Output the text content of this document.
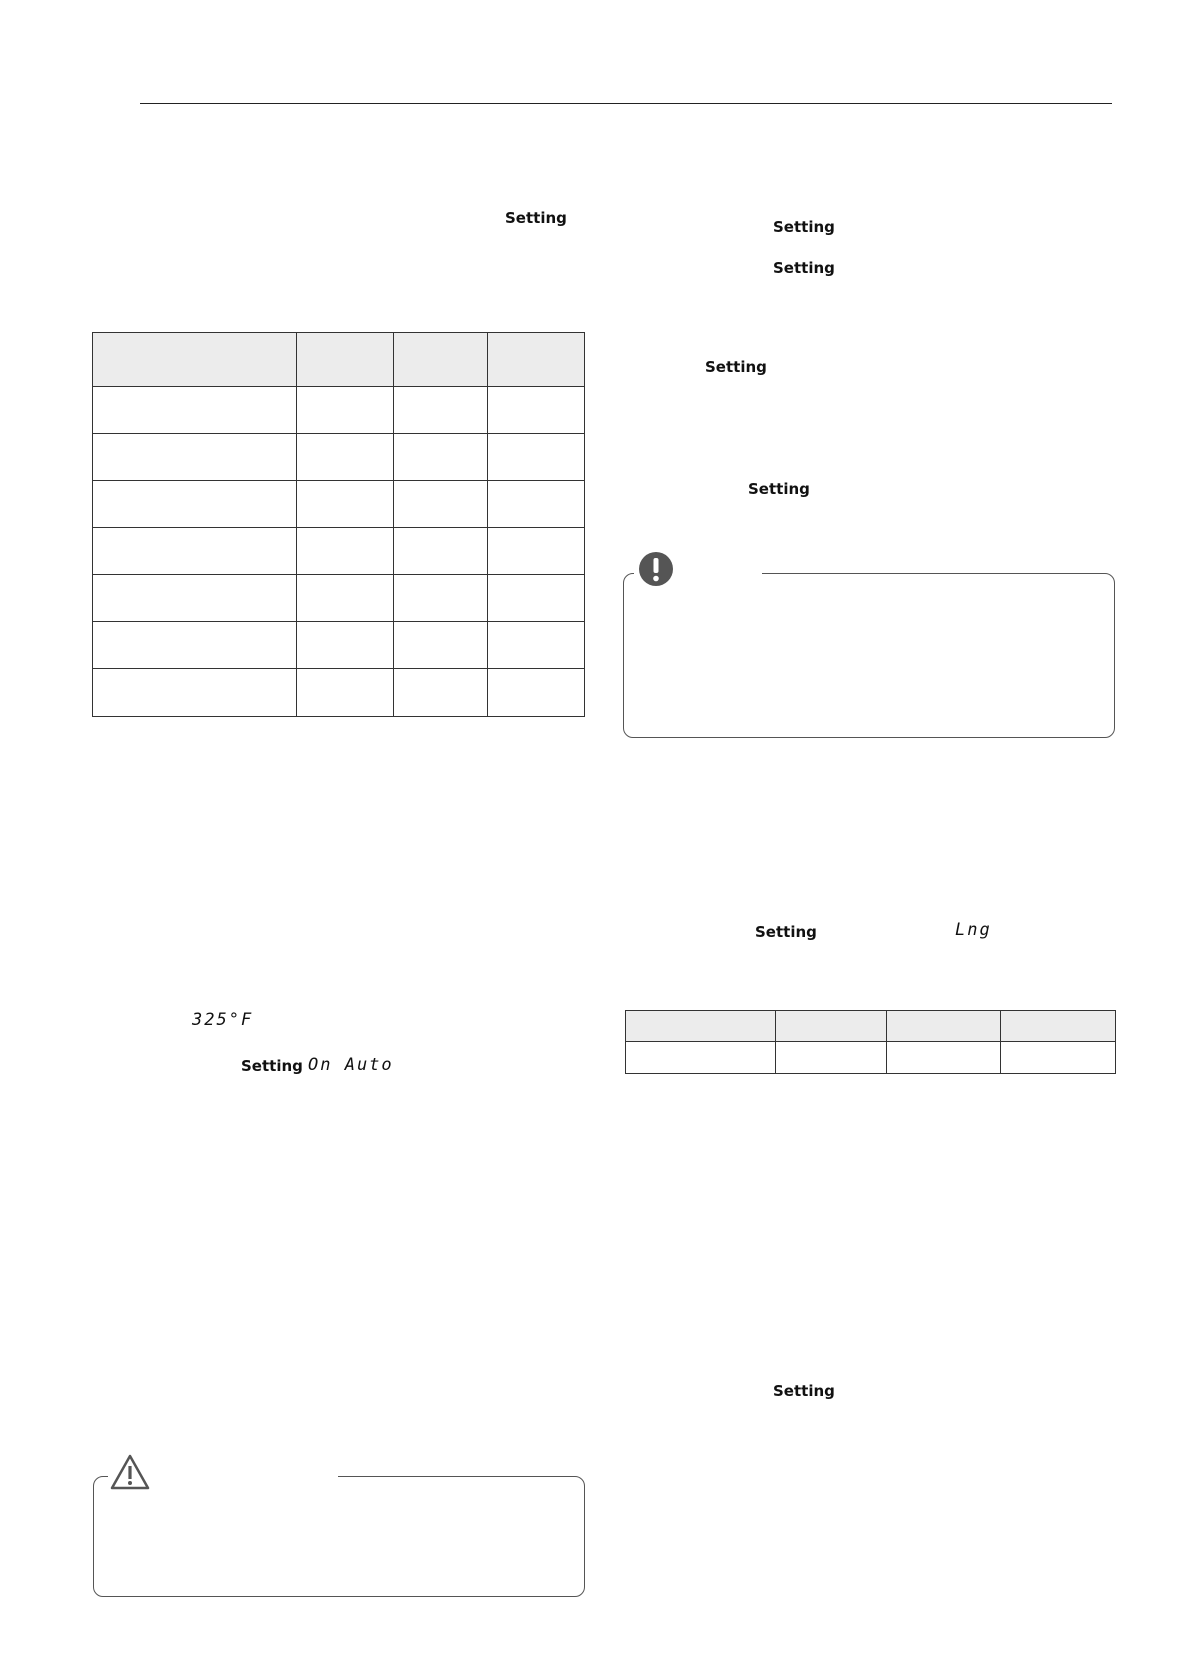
Setting

325°F
Setting On Auto
Setting
Setting
Setting
Setting
Setting	Lng

Setting
